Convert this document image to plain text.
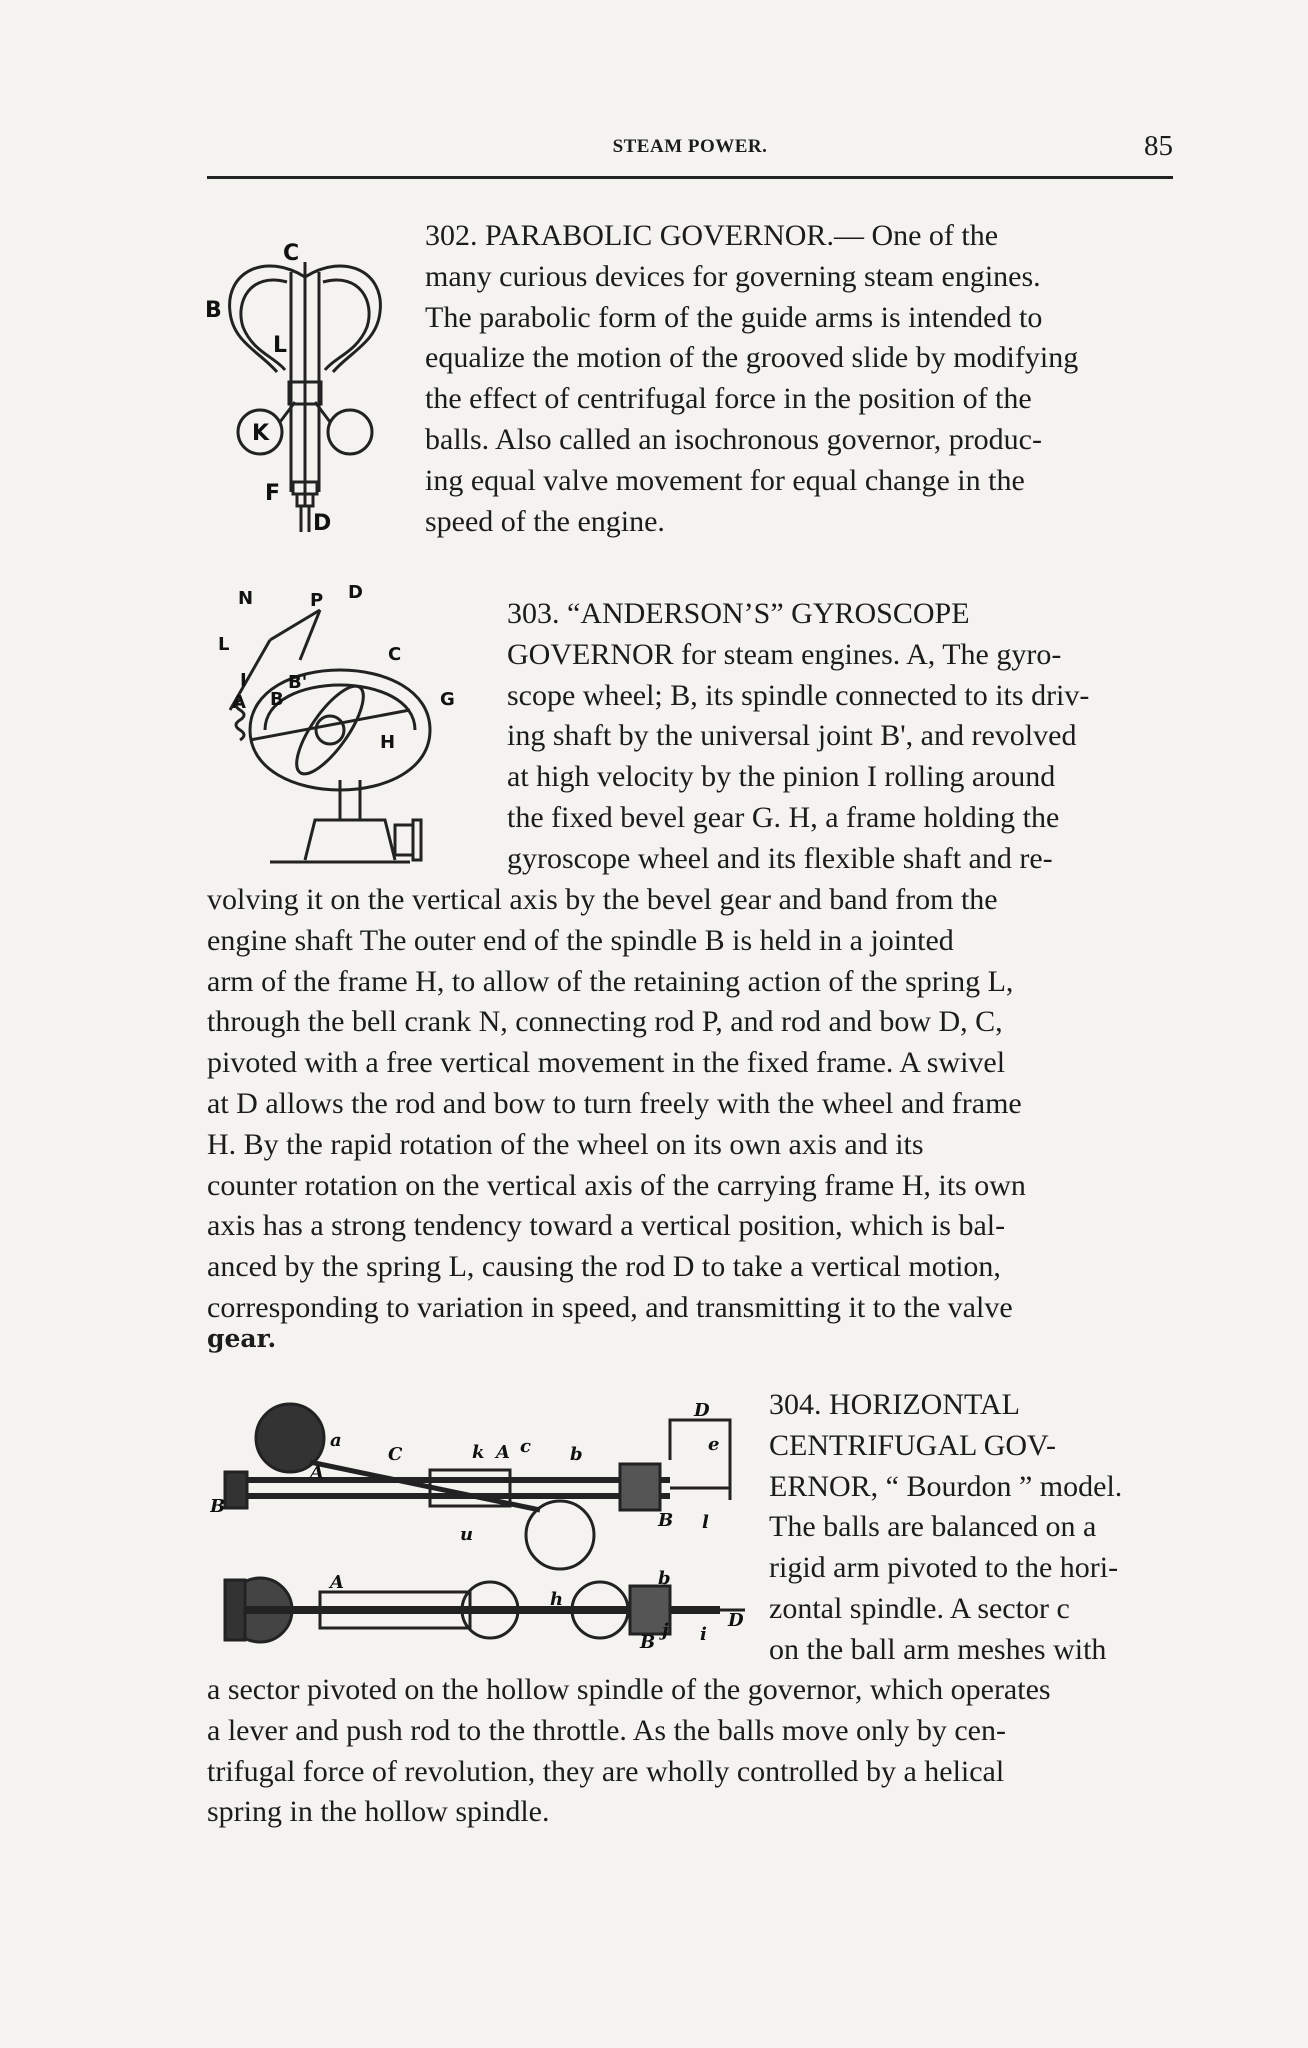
STEAM POWER.	85
C
B
L
K
F
D
302. PARABOLIC GOVERNOR.— One of the
many curious devices for governing steam engines.
The parabolic form of the guide arms is intended to
equalize the motion of the grooved slide by modifying
the effect of centrifugal force in the position of the
balls. Also called an isochronous governor, produc-
ing equal valve movement for equal change in the
speed of the engine.
N	P D
L
B'
B
I
C
G
H
A
303. “ANDERSON’S” GYROSCOPE
GOVERNOR for steam engines. A, The gyro-
scope wheel; B, its spindle connected to its driv-
ing shaft by the universal joint B', and revolved
at high velocity by the pinion I rolling around
the fixed bevel gear G. H, a frame holding the
gyroscope wheel and its flexible shaft and re-
volving it on the vertical axis by the bevel gear and band from the
engine shaft The outer end of the spindle B is held in a jointed
arm of the frame H, to allow of the retaining action of the spring L,
through the bell crank N, connecting rod P, and rod and bow D, C,
pivoted with a free vertical movement in the fixed frame. A swivel
at D allows the rod and bow to turn freely with the wheel and frame
H. By the rapid rotation of the wheel on its own axis and its
counter rotation on the vertical axis of the carrying frame H, its own
axis has a strong tendency toward a vertical position, which is bal-
anced by the spring L, causing the rod D to take a vertical motion,
corresponding to variation in speed, and transmitting it to the valve
gear.
a
A
C	k A c	e
D
b
B
B
A
h
b
j
B i
D
u
l
304. HORIZONTAL
CENTRIFUGAL GOV-
ERNOR, “ Bourdon ” model.
The balls are balanced on a
rigid arm pivoted to the hori-
zontal spindle. A sector c
on the ball arm meshes with
a sector pivoted on the hollow spindle of the governor, which operates
a lever and push rod to the throttle. As the balls move only by cen-
trifugal force of revolution, they are wholly controlled by a helical
spring in the hollow spindle.
